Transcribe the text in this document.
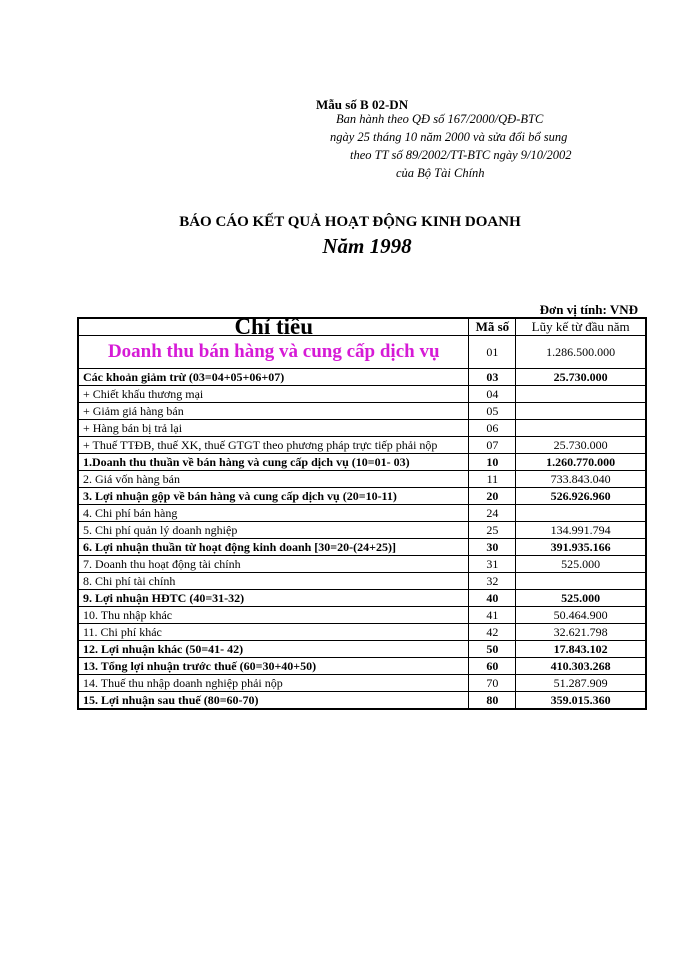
Mẫu số B 02-DN
Ban hành theo QĐ số 167/2000/QĐ-BTC
ngày 25 tháng 10 năm 2000 và sửa đổi bổ sung
theo TT số 89/2002/TT-BTC ngày 9/10/2002
của Bộ Tài Chính
BÁO CÁO KẾT QUẢ HOẠT ĐỘNG KINH DOANH
Năm 1998
Đơn vị tính: VNĐ
Chỉ tiêu	Mã số	Lũy kế từ đầu năm
Doanh thu bán hàng và cung cấp dịch vụ	01	1.286.500.000
Các khoản giảm trừ (03=04+05+06+07)	03	25.730.000
+ Chiết khấu thương mại	04	
+ Giảm giá hàng bán	05	
+ Hàng bán bị trả lại	06	
+ Thuế TTĐB, thuế XK, thuế GTGT theo phương pháp trực tiếp phải nộp	07	25.730.000
1.Doanh thu thuần về bán hàng và cung cấp dịch vụ (10=01- 03)	10	1.260.770.000
2. Giá vốn hàng bán	11	733.843.040
3. Lợi nhuận gộp về bán hàng và cung cấp dịch vụ (20=10-11)	20	526.926.960
4. Chi phí bán hàng	24	
5. Chi phí quản lý doanh nghiệp	25	134.991.794
6. Lợi nhuận thuần từ hoạt động kinh doanh [30=20-(24+25)]	30	391.935.166
7. Doanh thu hoạt động tài chính	31	525.000
8. Chi phí tài chính	32	
9. Lợi nhuận HĐTC (40=31-32)	40	525.000
10. Thu nhập khác	41	50.464.900
11. Chi phí khác	42	32.621.798
12. Lợi nhuận khác (50=41- 42)	50	17.843.102
13. Tổng lợi nhuận trước thuế (60=30+40+50)	60	410.303.268
14. Thuế thu nhập doanh nghiệp phải nộp	70	51.287.909
15. Lợi nhuận sau thuế (80=60-70)	80	359.015.360
